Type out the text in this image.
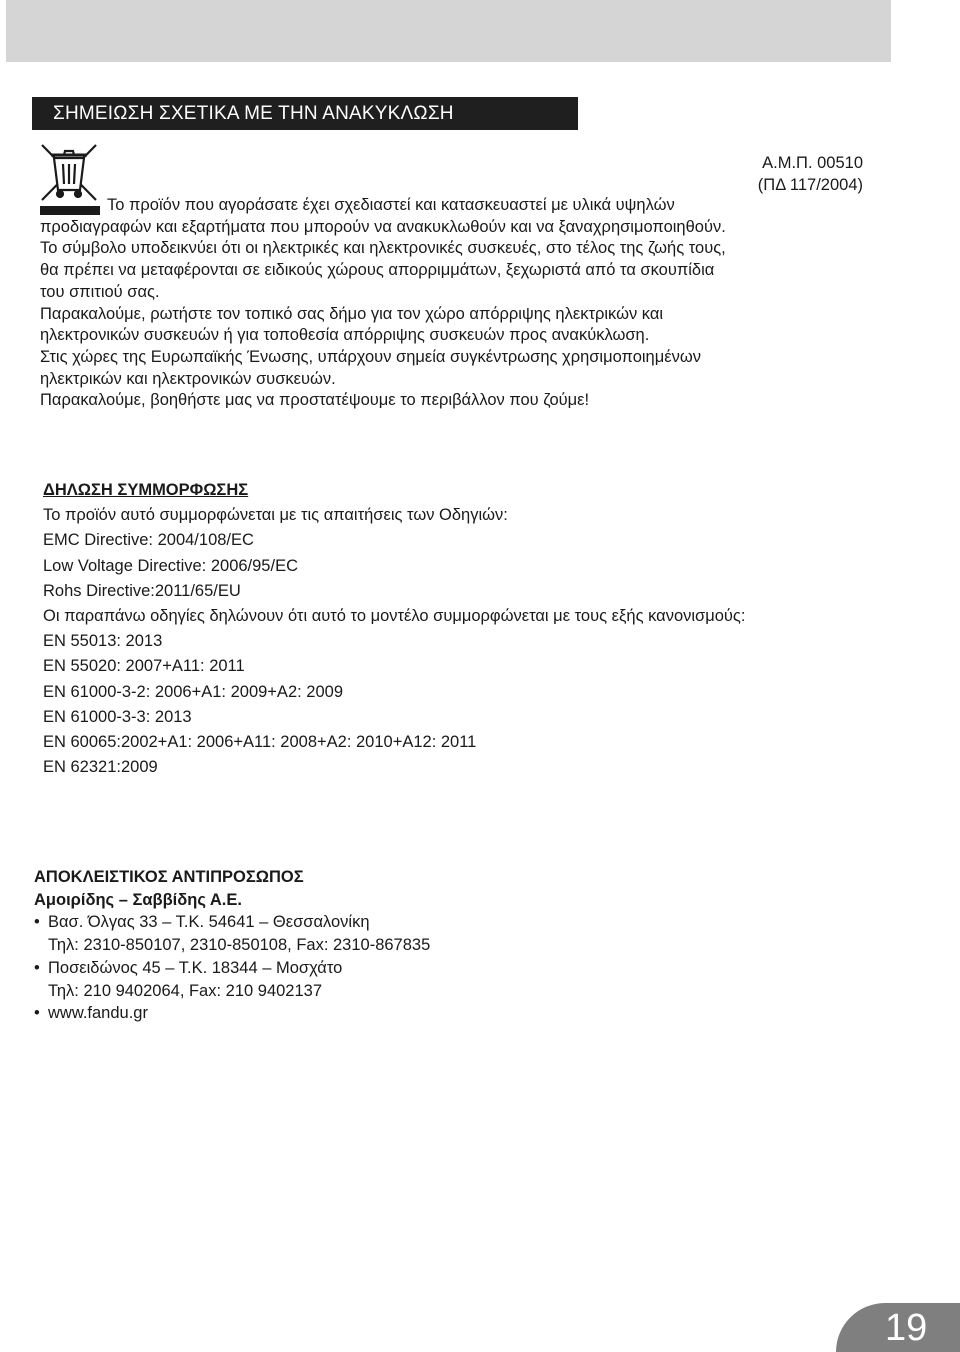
ΣΗΜΕΙΩΣΗ ΣΧΕΤΙΚΑ ΜΕ ΤΗΝ ΑΝΑΚΥΚΛΩΣΗ
Α.Μ.Π. 00510
(ΠΔ 117/2004)

Το προϊόν που αγοράσατε έχει σχεδιαστεί και κατασκευαστεί με υλικά υψηλών

προδιαγραφών και εξαρτήματα που μπορούν να ανακυκλωθούν και να ξαναχρησιμοποιηθούν.

Το σύμβολο υποδεικνύει ότι οι ηλεκτρικές και ηλεκτρονικές συσκευές, στο τέλος της ζωής τους,

θα πρέπει να μεταφέρονται σε ειδικούς χώρους απορριμμάτων, ξεχωριστά από τα σκουπίδια

του σπιτιού σας.

Παρακαλούμε, ρωτήστε τον τοπικό σας δήμο για τον χώρο απόρριψης ηλεκτρικών και

ηλεκτρονικών συσκευών ή για τοποθεσία απόρριψης συσκευών προς ανακύκλωση.

Στις χώρες της Ευρωπαϊκής Ένωσης, υπάρχουν σημεία συγκέντρωσης χρησιμοποιημένων

ηλεκτρικών και ηλεκτρονικών συσκευών.

Παρακαλούμε, βοηθήστε μας να προστατέψουμε το περιβάλλον που ζούμε!

ΔΗΛΩΣΗ ΣΥΜΜΟΡΦΩΣΗΣ
Το προϊόν αυτό συμμορφώνεται με τις απαιτήσεις των Οδηγιών:
EMC Directive: 2004/108/EC
Low Voltage Directive: 2006/95/EC
Rohs Directive:2011/65/EU
Οι παραπάνω οδηγίες δηλώνουν ότι αυτό το μοντέλο συμμορφώνεται με τους εξής κανονισμούς:
EN 55013: 2013
EN 55020: 2007+A11: 2011
EN 61000-3-2: 2006+A1: 2009+A2: 2009
EN 61000-3-3: 2013
EN 60065:2002+A1: 2006+A11: 2008+A2: 2010+A12: 2011
EN 62321:2009
ΑΠΟΚΛΕΙΣΤΙΚΟΣ ΑΝΤΙΠΡΟΣΩΠΟΣ
Αμοιρίδης – Σαββίδης Α.Ε.
• Βασ. Όλγας 33 – Τ.Κ. 54641 – Θεσσαλονίκη
Τηλ: 2310-850107, 2310-850108, Fax: 2310-867835
• Ποσειδώνος 45 – Τ.Κ. 18344 – Μοσχάτο
Τηλ: 210 9402064, Fax: 210 9402137
• www.fandu.gr
19
